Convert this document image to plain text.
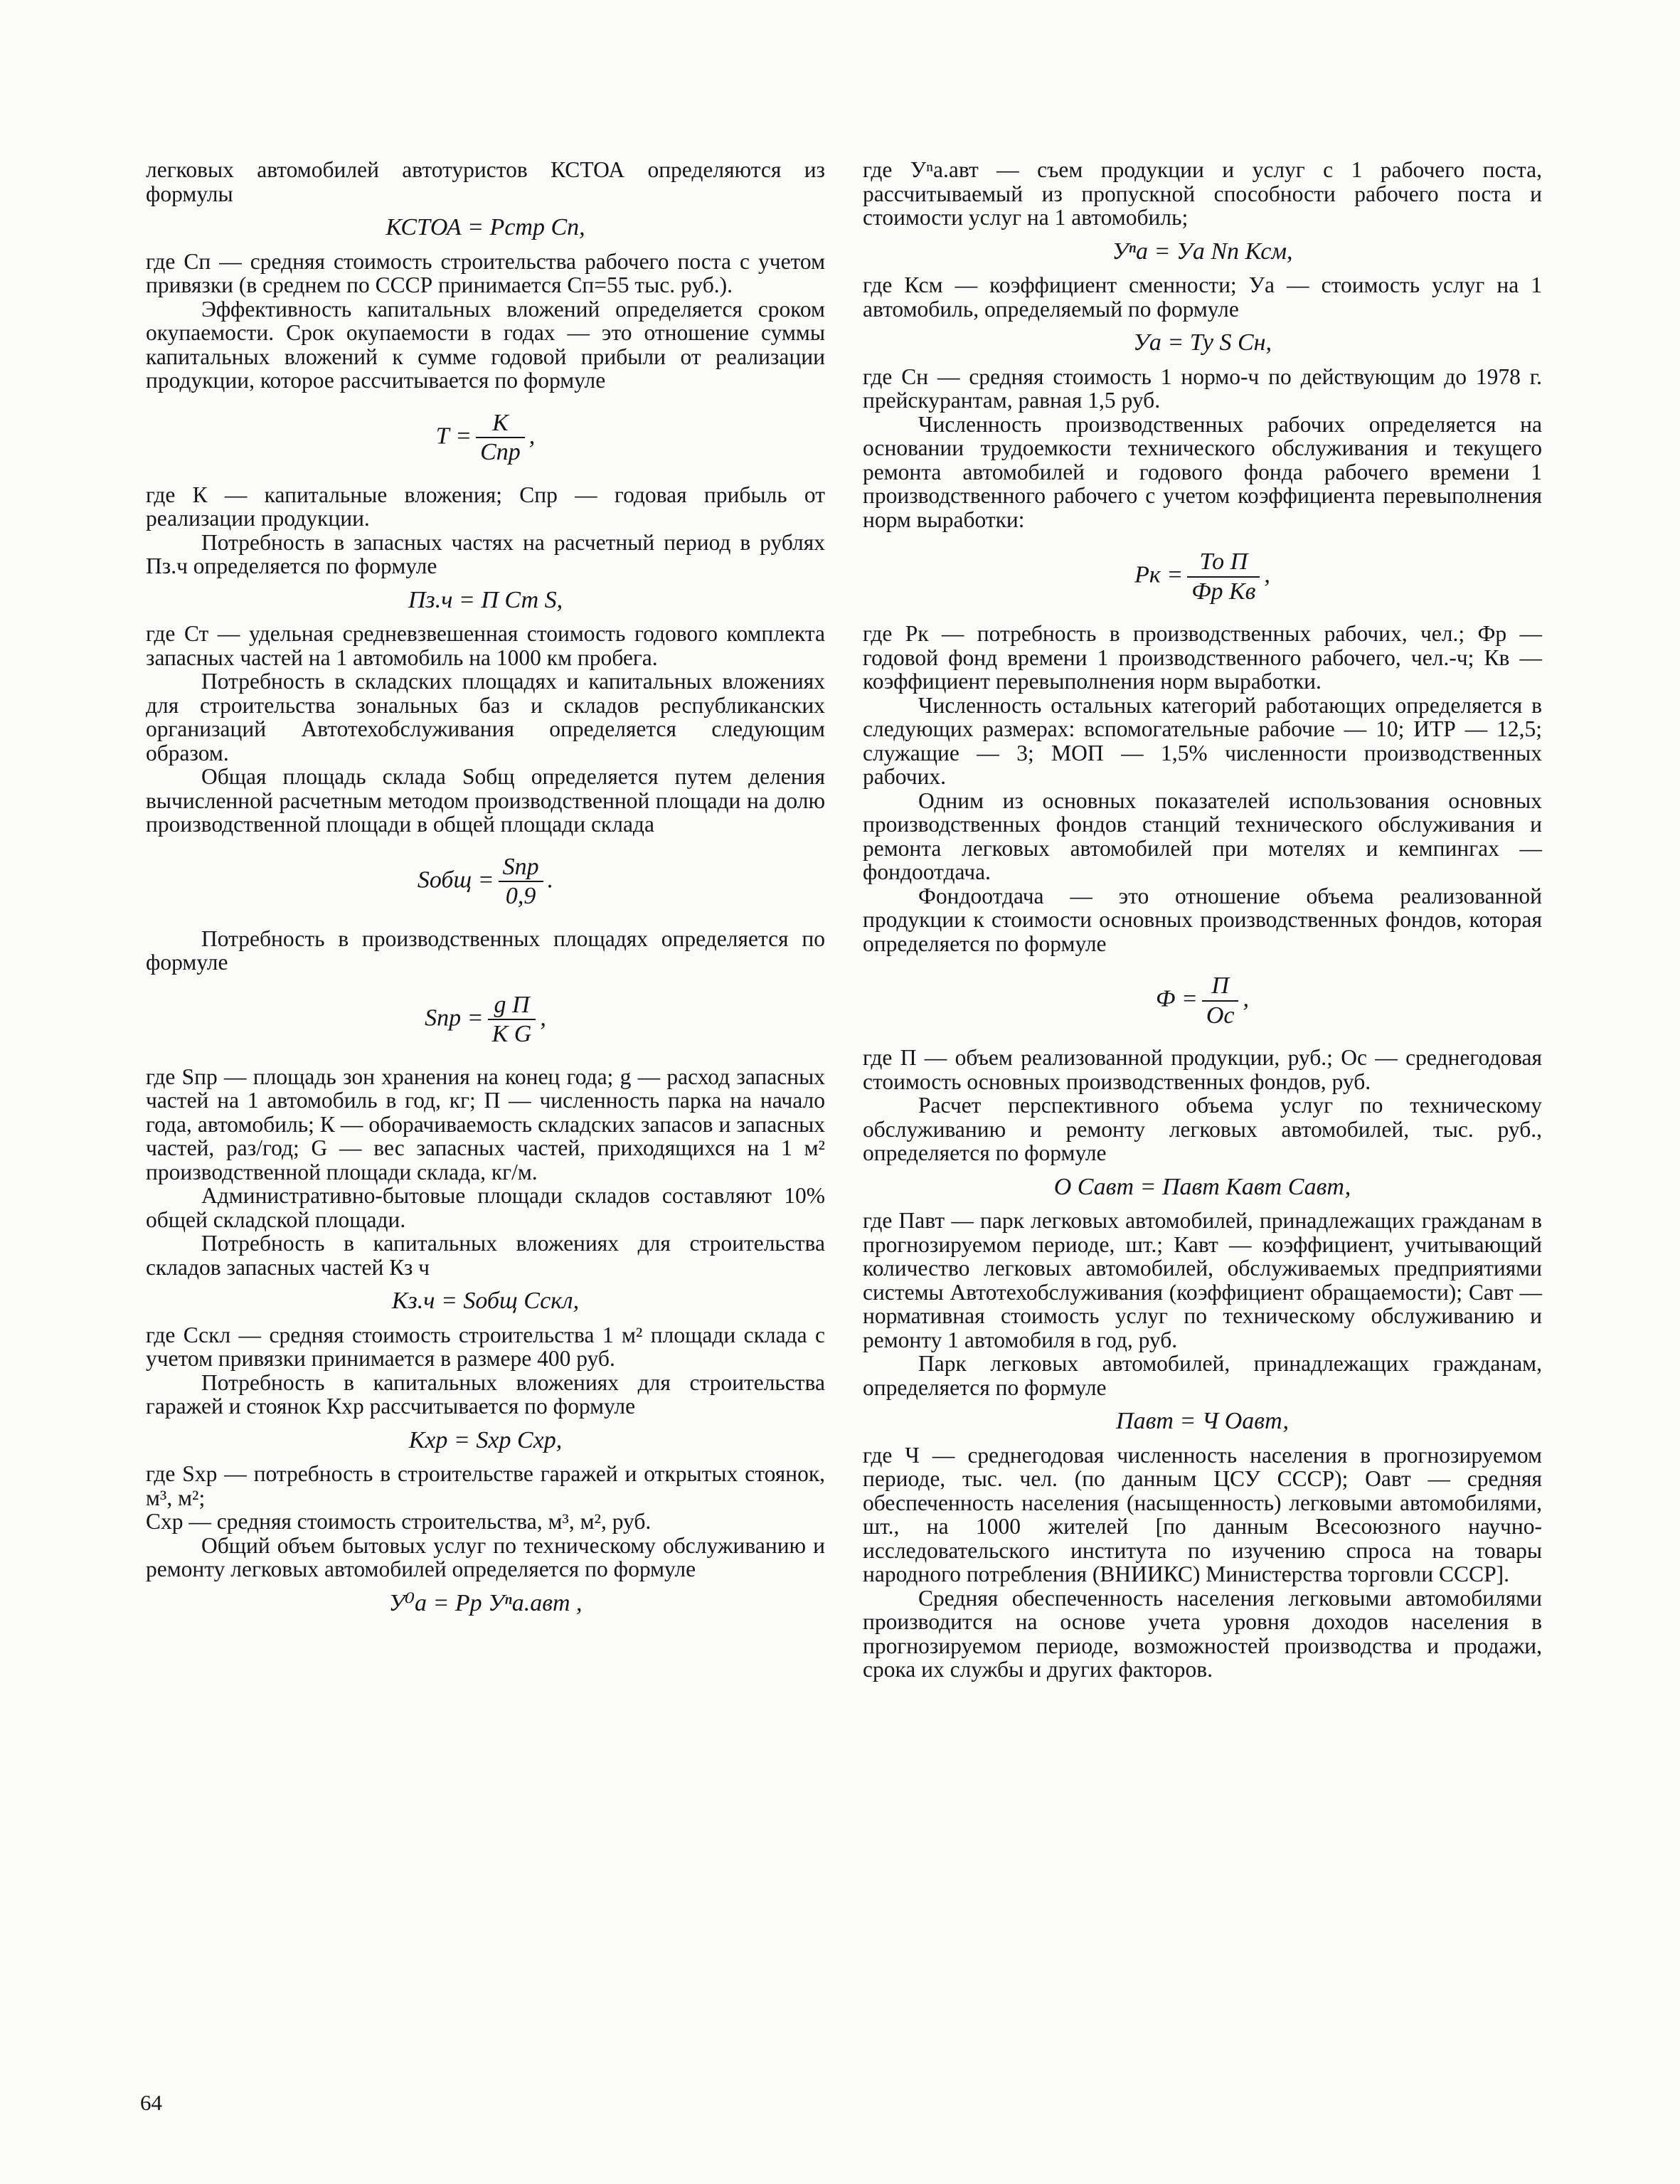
легковых автомобилей автотуристов КСТОА определяются из формулы

КСТОА = Рстр Сп,

где Сп — средняя стоимость строительства рабочего поста с учетом привязки (в среднем по СССР принимается Сп=55 тыс. руб.).

Эффективность капитальных вложений определяется сроком окупаемости. Срок окупаемости в годах — это отношение суммы капитальных вложений к сумме годовой прибыли от реализации продукции, которое рассчитывается по формуле

$Т = \frac{К}{\text{Спр}}$ ,

где К — капитальные вложения; Спр — годовая прибыль от реализации продукции.

Потребность в запасных частях на расчетный период в рублях Пз.ч определяется по формуле

Пз.ч = П Ст S,

где Ст — удельная средневзвешенная стоимость годового комплекта запасных частей на 1 автомобиль на 1000 км пробега.

Потребность в складских площадях и капитальных вложениях для строительства зональных баз и складов республиканских организаций Автотехобслуживания определяется следующим образом.

Общая площадь склада Sобщ определяется путем деления вычисленной расчетным методом производственной площади на долю производственной площади в общей площади склада

Sобщ = $\frac{\text{Sпр}}{0,9}$ .

Потребность в производственных площадях определяется по формуле

Sпр = $\frac{\text{g П}}{\text{K G}}$ ,

где Sпр — площадь зон хранения на конец года; g — расход запасных частей на 1 автомобиль в год, кг; П — численность парка на начало года, автомобиль; К — оборачиваемость складских запасов и запасных частей, раз/год; G — вес запасных частей, приходящихся на 1 м² производственной площади склада, кг/м.

Административно-бытовые площади складов составляют 10% общей складской площади.

Потребность в капитальных вложениях для строительства складов запасных частей Кз ч

Кз.ч = Sобщ Сскл,

где Сскл — средняя стоимость строительства 1 м² площади склада с учетом привязки принимается в размере 400 руб.

Потребность в капитальных вложениях для строительства гаражей и стоянок Кхр рассчитывается по формуле

Кхр = Sхр Схр,

где Sхр — потребность в строительстве гаражей и открытых стоянок, м³, м²;

Схр — средняя стоимость строительства, м³, м², руб.

Общий объем бытовых услуг по техническому обслуживанию и ремонту легковых автомобилей определяется по формуле

У⁰а = Рр Уⁿа.авт ,

где Уⁿа.авт — съем продукции и услуг с 1 рабочего поста, рассчитываемый из пропускной способности рабочего поста и стоимости услуг на 1 автомобиль;

Уⁿа = Уа Nп Ксм,

где Ксм — коэффициент сменности; Уа — стоимость услуг на 1 автомобиль, определяемый по формуле

Уа = Ту S Сн,

где Сн — средняя стоимость 1 нормо-ч по действующим до 1978 г. прейскурантам, равная 1,5 руб.

Численность производственных рабочих определяется на основании трудоемкости технического обслуживания и текущего ремонта автомобилей и годового фонда рабочего времени 1 производственного рабочего с учетом коэффициента перевыполнения норм выработки:

Рк = $\frac{\text{То П}}{\text{Фр Кв}}$ ,

где Рк — потребность в производственных рабочих, чел.; Фр — годовой фонд времени 1 производственного рабочего, чел.-ч; Кв — коэффициент перевыполнения норм выработки.

Численность остальных категорий работающих определяется в следующих размерах: вспомогательные рабочие — 10; ИТР — 12,5; служащие — 3; МОП — 1,5% численности производственных рабочих.

Одним из основных показателей использования основных производственных фондов станций технического обслуживания и ремонта легковых автомобилей при мотелях и кемпингах — фондоотдача.

Фондоотдача — это отношение объема реализованной продукции к стоимости основных производственных фондов, которая определяется по формуле

$Ф = \frac{П}{Ос}$ ,

где П — объем реализованной продукции, руб.; Ос — среднегодовая стоимость основных производственных фондов, руб.

Расчет перспективного объема услуг по техническому обслуживанию и ремонту легковых автомобилей, тыс. руб., определяется по формуле

О Савт = Павт Кавт Савт,

где Павт — парк легковых автомобилей, принадлежащих гражданам в прогнозируемом периоде, шт.; Кавт — коэффициент, учитывающий количество легковых автомобилей, обслуживаемых предприятиями системы Автотехобслуживания (коэффициент обращаемости); Савт — нормативная стоимость услуг по техническому обслуживанию и ремонту 1 автомобиля в год, руб.

Парк легковых автомобилей, принадлежащих гражданам, определяется по формуле

Павт = Ч Оавт,

где Ч — среднегодовая численность населения в прогнозируемом периоде, тыс. чел. (по данным ЦСУ СССР); Оавт — средняя обеспеченность населения (насыщенность) легковыми автомобилями, шт., на 1000 жителей [по данным Всесоюзного научно-исследовательского института по изучению спроса на товары народного потребления (ВНИИКС) Министерства торговли СССР].

Средняя обеспеченность населения легковыми автомобилями производится на основе учета уровня доходов населения в прогнозируемом периоде, возможностей производства и продажи, срока их службы и других факторов.

64
